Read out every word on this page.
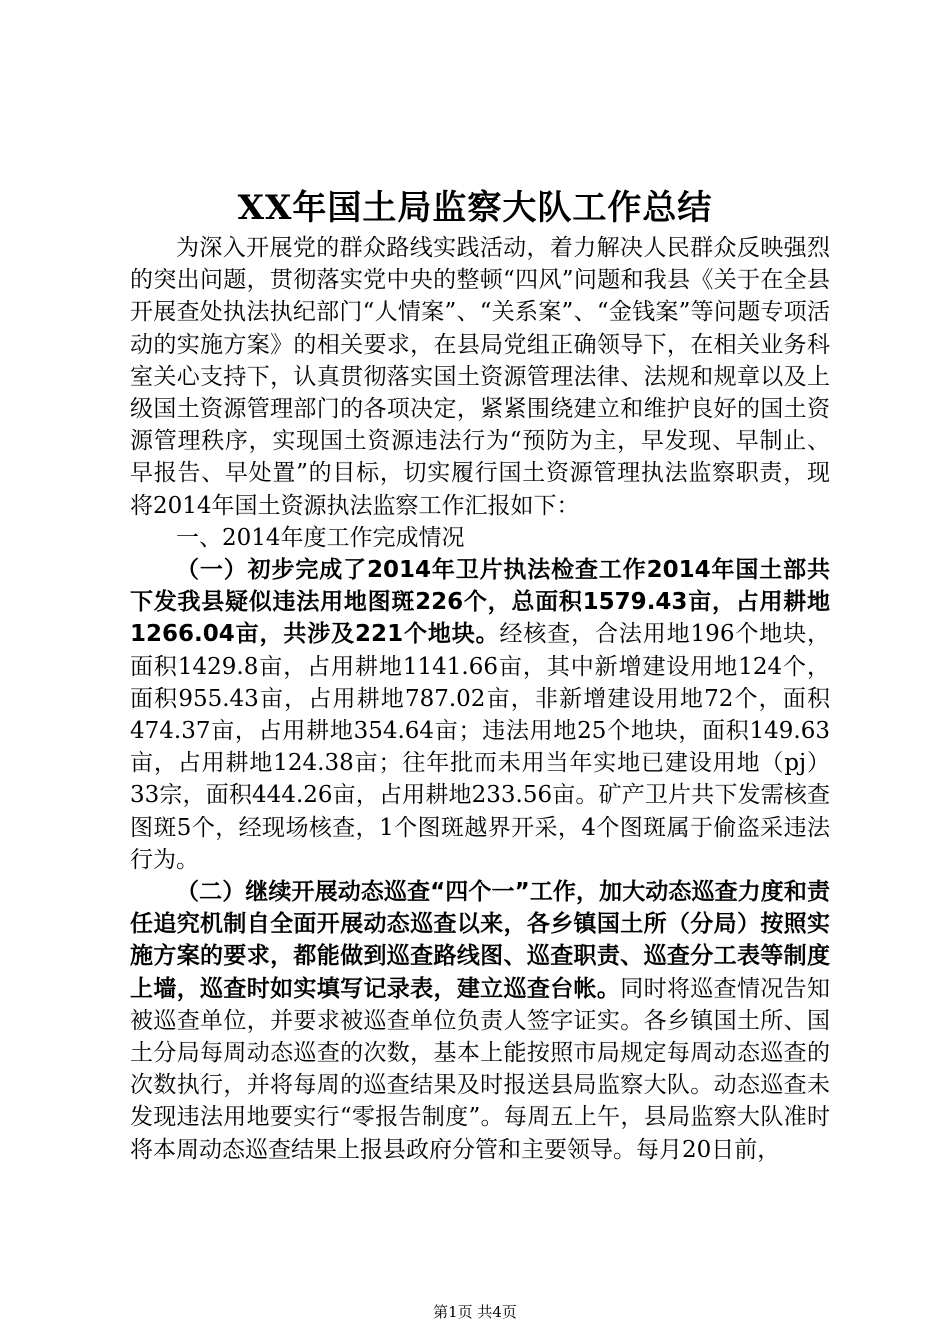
XX年国土局监察大队工作总结

为深入开展党的群众路线实践活动，着力解决人民群众反映强烈的突出问题，贯彻落实党中央的整顿“四风”问题和我县《关于在全县开展查处执法执纪部门“人情案”、“关系案”、“金钱案”等问题专项活动的实施方案》的相关要求，在县局党组正确领导下，在相关业务科室关心支持下，认真贯彻落实国土资源管理法律、法规和规章以及上级国土资源管理部门的各项决定，紧紧围绕建立和维护良好的国土资源管理秩序，实现国土资源违法行为“预防为主，早发现、早制止、早报告、早处置”的目标，切实履行国土资源管理执法监察职责，现将2014年国土资源执法监察工作汇报如下：

一、2014年度工作完成情况

（一）初步完成了2014年卫片执法检查工作2014年国土部共下发我县疑似违法用地图斑226个，总面积1579.43亩，占用耕地1266.04亩，共涉及221个地块。经核查，合法用地196个地块，面积1429.8亩，占用耕地1141.66亩，其中新增建设用地124个，面积955.43亩，占用耕地787.02亩，非新增建设用地72个，面积474.37亩，占用耕地354.64亩；违法用地25个地块，面积149.63亩，占用耕地124.38亩；往年批而未用当年实地已建设用地（pj）33宗，面积444.26亩，占用耕地233.56亩。矿产卫片共下发需核查图斑5个，经现场核查，1个图斑越界开采，4个图斑属于偷盗采违法行为。

（二）继续开展动态巡查“四个一”工作，加大动态巡查力度和责任追究机制自全面开展动态巡查以来，各乡镇国土所（分局）按照实施方案的要求，都能做到巡查路线图、巡查职责、巡查分工表等制度上墙，巡查时如实填写记录表，建立巡查台帐。同时将巡查情况告知被巡查单位，并要求被巡查单位负责人签字证实。各乡镇国土所、国土分局每周动态巡查的次数，基本上能按照市局规定每周动态巡查的次数执行，并将每周的巡查结果及时报送县局监察大队。动态巡查未发现违法用地要实行“零报告制度”。每周五上午，县局监察大队准时将本周动态巡查结果上报县政府分管和主要领导。每月20日前，

第1页 共4页
